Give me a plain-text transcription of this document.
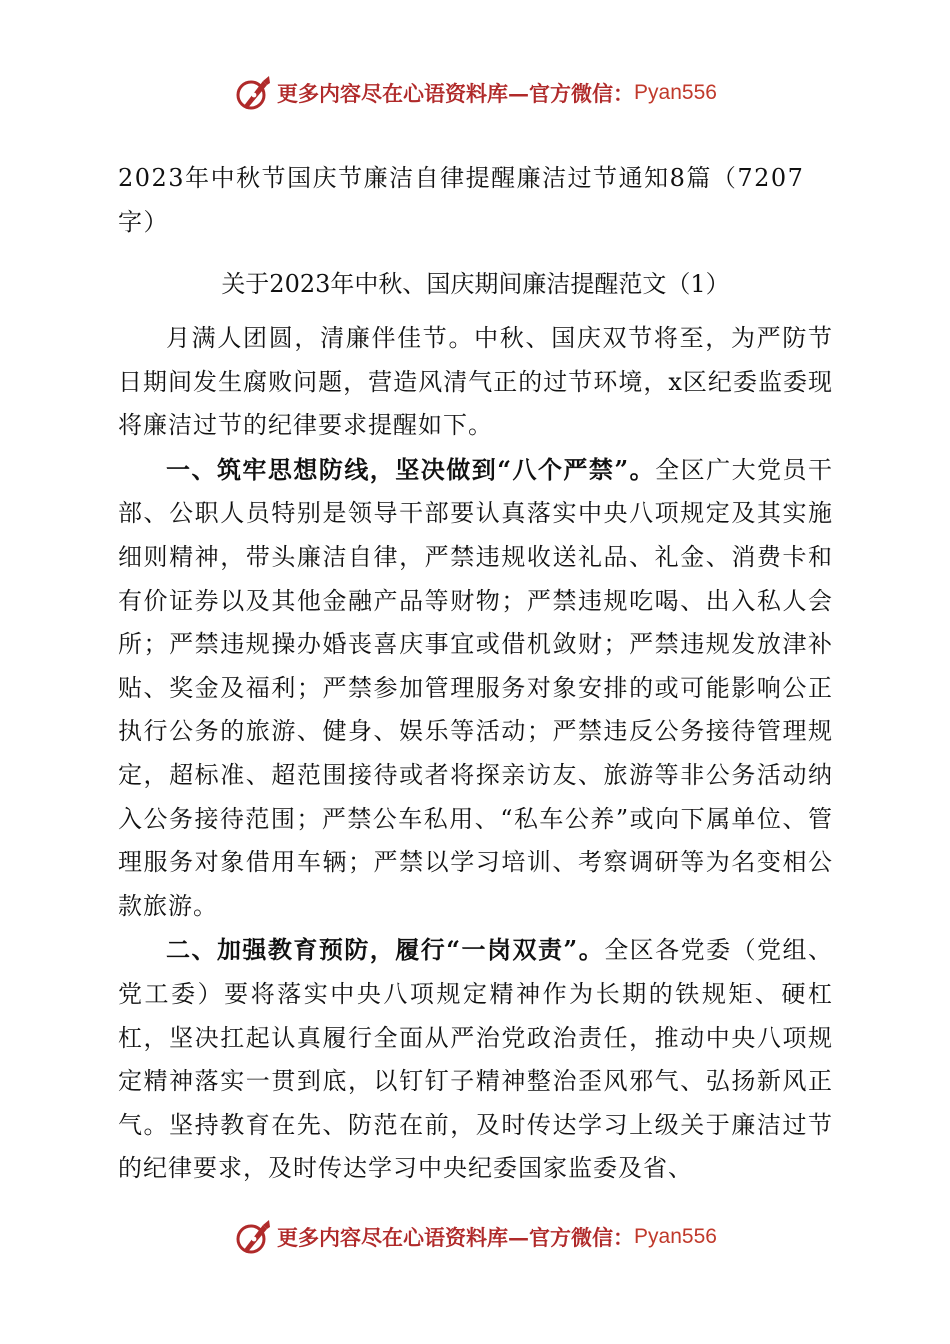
更多内容尽在心语资料库—官方微信： Pyan556
2023年中秋节国庆节廉洁自律提醒廉洁过节通知8篇（7207字）
关于2023年中秋、国庆期间廉洁提醒范文（1）

月满人团圆，清廉伴佳节。中秋、国庆双节将至，为严防节日期间发生腐败问题，营造风清气正的过节环境，x区纪委监委现将廉洁过节的纪律要求提醒如下。

一、筑牢思想防线，坚决做到“八个严禁”。全区广大党员干部、公职人员特别是领导干部要认真落实中央八项规定及其实施细则精神，带头廉洁自律，严禁违规收送礼品、礼金、消费卡和有价证券以及其他金融产品等财物；严禁违规吃喝、出入私人会所；严禁违规操办婚丧喜庆事宜或借机敛财；严禁违规发放津补贴、奖金及福利；严禁参加管理服务对象安排的或可能影响公正执行公务的旅游、健身、娱乐等活动；严禁违反公务接待管理规定，超标准、超范围接待或者将探亲访友、旅游等非公务活动纳入公务接待范围；严禁公车私用、“私车公养”或向下属单位、管理服务对象借用车辆；严禁以学习培训、考察调研等为名变相公款旅游。

二、加强教育预防，履行“一岗双责”。全区各党委（党组、党工委）要将落实中央八项规定精神作为长期的铁规矩、硬杠杠，坚决扛起认真履行全面从严治党政治责任，推动中央八项规定精神落实一贯到底，以钉钉子精神整治歪风邪气、弘扬新风正气。坚持教育在先、防范在前，及时传达学习上级关于廉洁过节的纪律要求，及时传达学习中央纪委国家监委及省、

更多内容尽在心语资料库—官方微信： Pyan556
